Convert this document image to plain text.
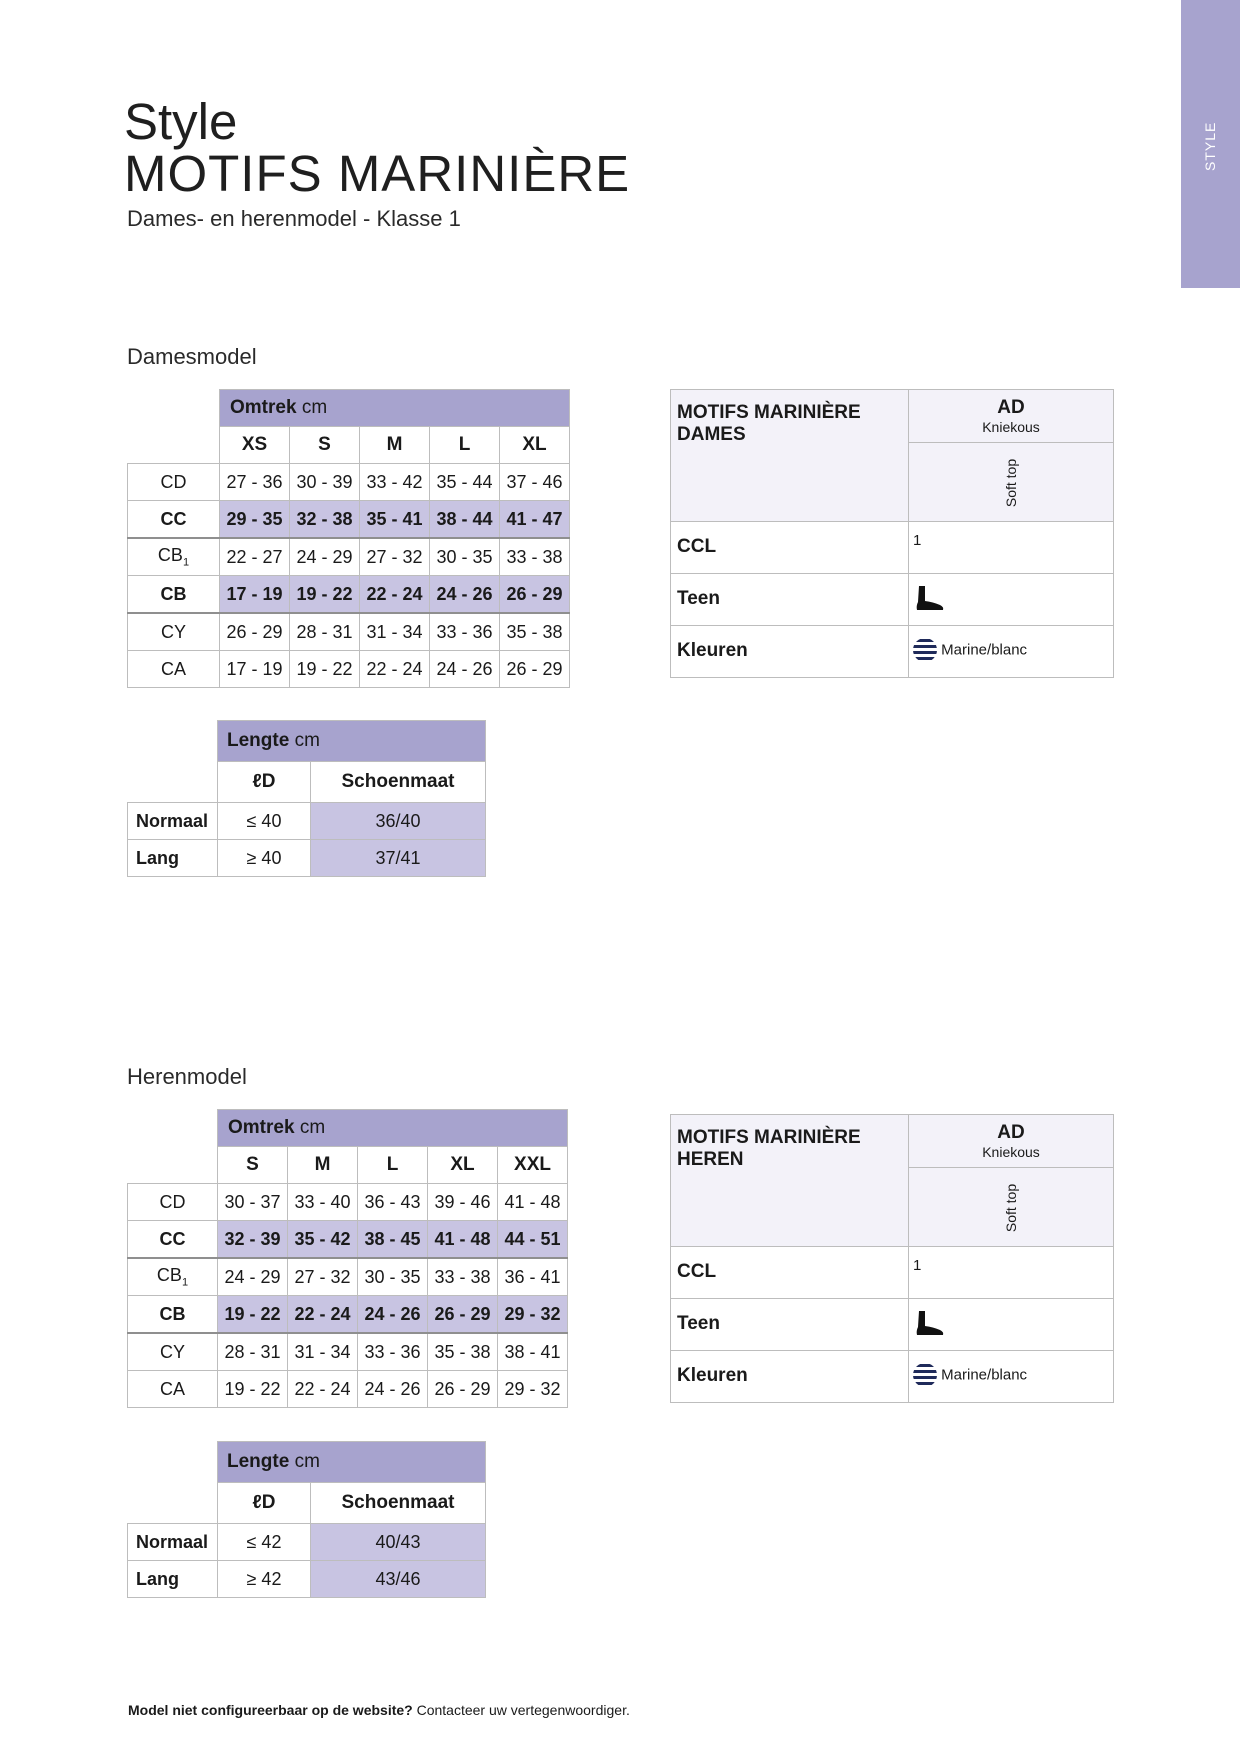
STYLE
Style
MOTIFS MARINIÈRE
Dames- en herenmodel - Klasse 1
Damesmodel
	Omtrek cm				
	XS	S	M	L	XL
CD	27 - 36	30 - 39	33 - 42	35 - 44	37 - 46
CC	29 - 35	32 - 38	35 - 41	38 - 44	41 - 47
$CB_1$	22 - 27	24 - 29	27 - 32	30 - 35	33 - 38
CB	17 - 19	19 - 22	22 - 24	24 - 26	26 - 29
CY	26 - 29	28 - 31	31 - 34	33 - 36	35 - 38
CA	17 - 19	19 - 22	22 - 24	24 - 26	26 - 29
	Lengte cm	
	ℓD	Schoenmaat
Normaal	≤ 40	36/40
Lang	≥ 40	37/41
MOTIFS MARINIÈRE
DAMES	AD
Kniekous

	Soft top
CCL	1
Teen	
Kleuren	Marine/blanc
Herenmodel
	Omtrek cm				
	S	M	L	XL	XXL
CD	30 - 37	33 - 40	36 - 43	39 - 46	41 - 48
CC	32 - 39	35 - 42	38 - 45	41 - 48	44 - 51
$CB_1$	24 - 29	27 - 32	30 - 35	33 - 38	36 - 41
CB	19 - 22	22 - 24	24 - 26	26 - 29	29 - 32
CY	28 - 31	31 - 34	33 - 36	35 - 38	38 - 41
CA	19 - 22	22 - 24	24 - 26	26 - 29	29 - 32
	Lengte cm	
	ℓD	Schoenmaat
Normaal	≤ 42	40/43
Lang	≥ 42	43/46
MOTIFS MARINIÈRE
HEREN	AD
Kniekous

	Soft top
CCL	1
Teen	
Kleuren	Marine/blanc
Model niet configureerbaar op de website? Contacteer uw vertegenwoordiger.
